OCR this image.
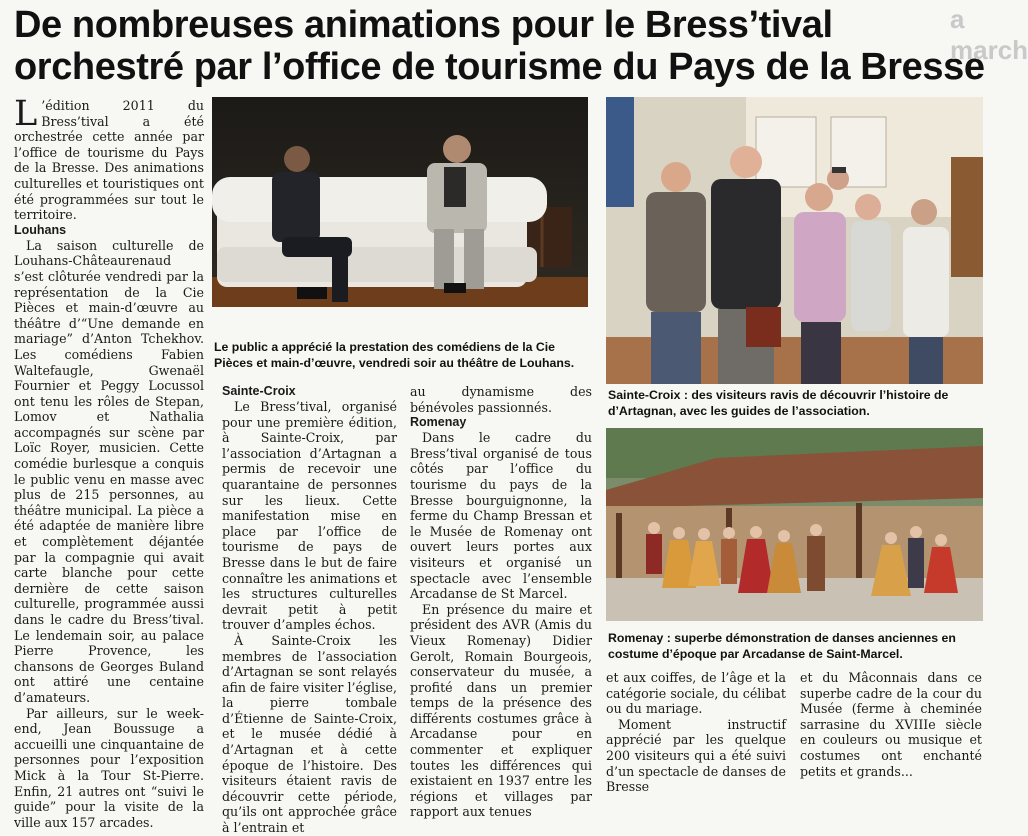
De nombreuses animations pour le Bress’tival
orchestré par l’office de tourisme du Pays de la Bresse
a march

L ’édition 2011 du Bress’tival a été orchestrée cette année par l’office de tourisme du Pays de la Bresse. Des animations culturelles et touristiques ont été programmées sur tout le territoire.

Louhans

La saison culturelle de Louhans-Châteaurenaud s’est clôturée vendredi par la représentation de la Cie Pièces et main-d’œuvre au théâtre d’“Une demande en mariage” d’Anton Tchekhov. Les comédiens Fabien Waltefaugle, Gwenaël Fournier et Peggy Locussol ont tenu les rôles de Stepan, Lomov et Nathalia accompagnés sur scène par Loïc Royer, musicien. Cette comédie burlesque a conquis le public venu en masse avec plus de 215 personnes, au théâtre municipal. La pièce a été adaptée de manière libre et complètement déjantée par la compagnie qui avait carte blanche pour cette dernière de cette saison culturelle, programmée aussi dans le cadre du Bress’tival. Le lendemain soir, au palace Pierre Provence, les chansons de Georges Buland ont attiré une centaine d’amateurs.

Par ailleurs, sur le week-end, Jean Boussuge a accueilli une cinquantaine de personnes pour l’exposition Mick à la Tour St-Pierre. Enfin, 21 autres ont “suivi le guide” pour la visite de la ville aux 157 arcades.

Le public a apprécié la prestation des comédiens de la Cie Pièces et main-d’œuvre, vendredi soir au théâtre de Louhans.
Sainte-Croix

Le Bress’tival, organisé pour une première édition, à Sainte-Croix, par l’association d’Artagnan a permis de recevoir une quarantaine de personnes sur les lieux. Cette manifestation mise en place par l’office de tourisme de pays de Bresse dans le but de faire connaître les animations et les structures culturelles devrait petit à petit trouver d’amples échos.

À Sainte-Croix les membres de l’association d’Artagnan se sont relayés afin de faire visiter l’église, la pierre tombale d’Étienne de Sainte-Croix, et le musée dédié à d’Artagnan et à cette époque de l’histoire. Des visiteurs étaient ravis de découvrir cette période, qu’ils ont approchée grâce à l’entrain et

au dynamisme des bénévoles passionnés.

Romenay

Dans le cadre du Bress’tival organisé de tous côtés par l’office du tourisme du pays de la Bresse bourguignonne, la ferme du Champ Bressan et le Musée de Romenay ont ouvert leurs portes aux visiteurs et organisé un spectacle avec l’ensemble Arcadanse de St Marcel.

En présence du maire et président des AVR (Amis du Vieux Romenay) Didier Gerolt, Romain Bourgeois, conservateur du musée, a profité dans un premier temps de la présence des différents costumes grâce à Arcadanse pour en commenter et expliquer toutes les différences qui existaient en 1937 entre les régions et villages par rapport aux tenues

Sainte-Croix : des visiteurs ravis de découvrir l’histoire de d’Artagnan, avec les guides de l’association.
Romenay : superbe démonstration de danses anciennes en costume d’époque par Arcadanse de Saint-Marcel.

et aux coiffes, de l’âge et la catégorie sociale, du célibat ou du mariage.

Moment instructif apprécié par les quelque 200 visiteurs qui a été suivi d’un spectacle de danses de Bresse

et du Mâconnais dans ce superbe cadre de la cour du Musée (ferme à cheminée sarrasine du XVIIIe siècle en couleurs ou musique et costumes ont enchanté petits et grands...
